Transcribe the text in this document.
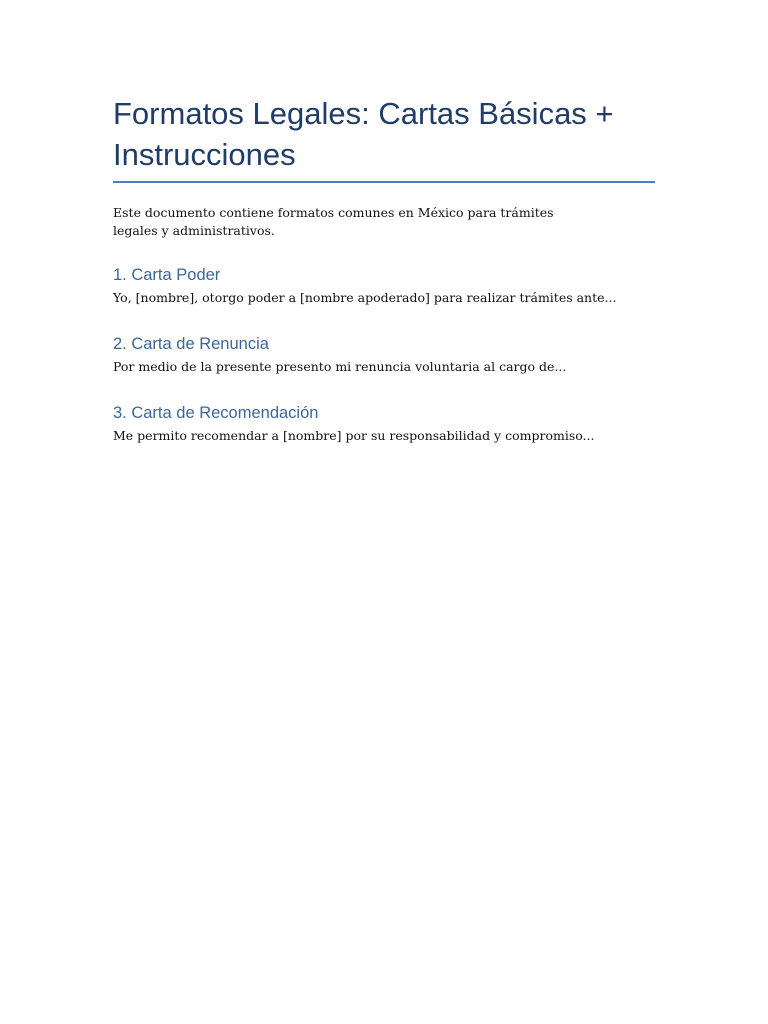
Formatos Legales: Cartas Básicas + Instrucciones

Este documento contiene formatos comunes en México para trámites legales y administrativos.

1. Carta Poder

Yo, [nombre], otorgo poder a [nombre apoderado] para realizar trámites ante...

2. Carta de Renuncia

Por medio de la presente presento mi renuncia voluntaria al cargo de...

3. Carta de Recomendación

Me permito recomendar a [nombre] por su responsabilidad y compromiso...
